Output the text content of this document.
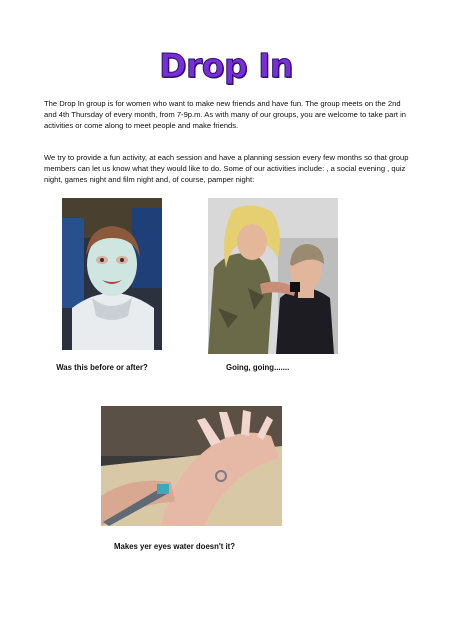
Drop In
The Drop In group is for women who want to make new friends and have fun. The group meets on the 2nd and 4th Thursday of every month, from 7-9p.m. As with many of our groups, you are welcome to take part in activities or come along to meet people and make friends.
We try to provide a fun activity, at each session and have a planning session every few months so that group members can let us know what they would like to do. Some of our activities include: , a social evening , quiz night, games night and film night and, of course, pamper night:
Was this before or after?	Going, going.......
Makes yer eyes water doesn't it?
